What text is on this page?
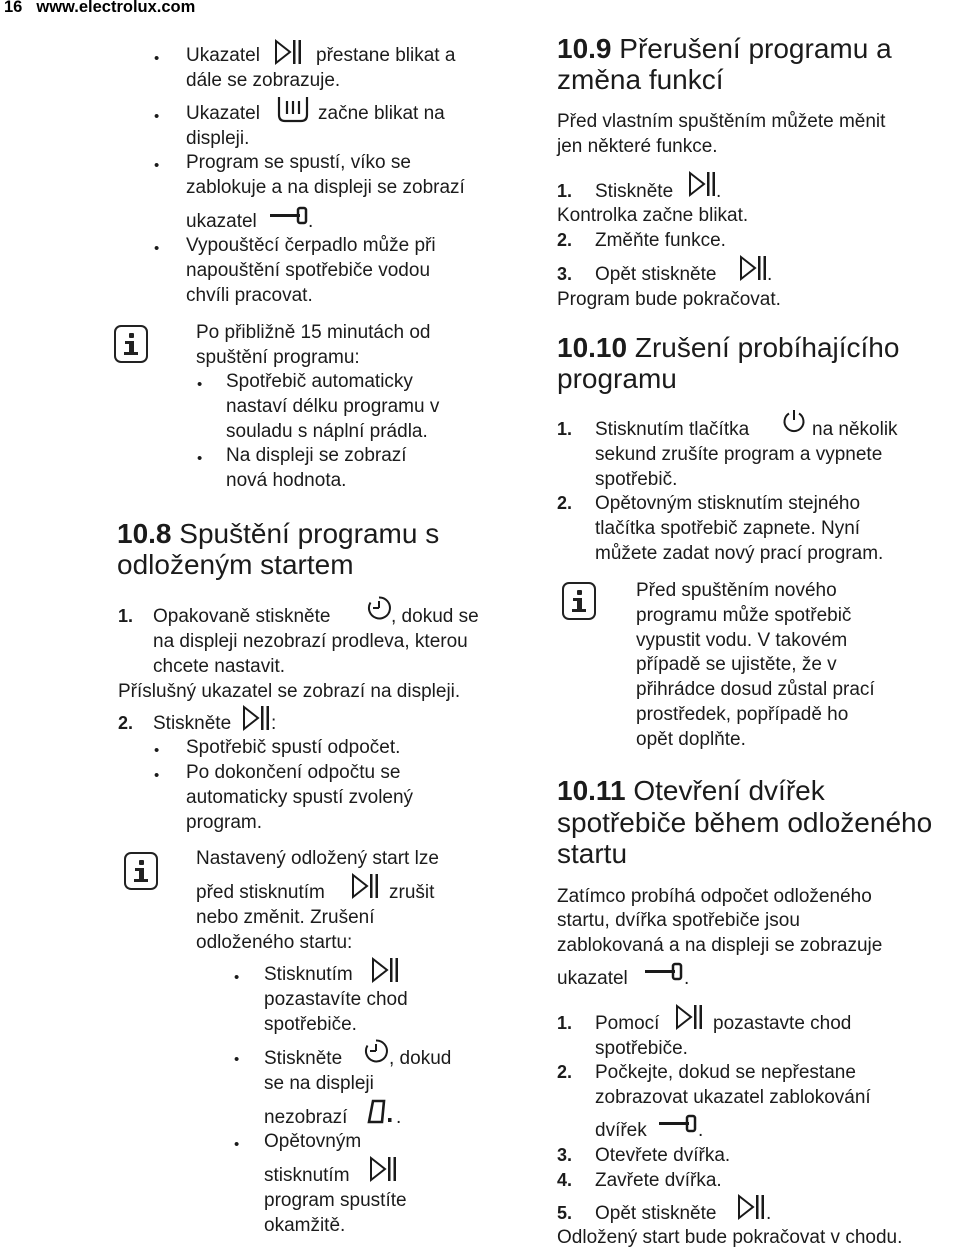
16 www.electrolux.com
• Ukazatel	přestane blikat a
dále se zobrazuje.
• Ukazatel	začne blikat na
displeji.
• Program se spustí, víko se
zablokuje a na displeji se zobrazí
ukazatel	.
• Vypouštěcí čerpadlo může při
napouštění spotřebiče vodou
chvíli pracovat.
Po přibližně 15 minutách od
spuštění programu:
• Spotřebič automaticky
nastaví délku programu v
souladu s náplní prádla.
• Na displeji se zobrazí
nová hodnota.
10.8 Spuštění programu s
odloženým startem
1. Opakovaně stiskněte	, dokud se
na displeji nezobrazí prodleva, kterou
chcete nastavit.
Příslušný ukazatel se zobrazí na displeji.
2. Stiskněte :
• Spotřebič spustí odpočet.
• Po dokončení odpočtu se
automaticky spustí zvolený
program.
Nastavený odložený start lze
před stisknutím	zrušit
nebo změnit. Zrušení
odloženého startu:
• Stisknutím
pozastavíte chod
spotřebiče.
• Stiskněte , dokud
se na displeji
nezobrazí	.
• Opětovným
stisknutím
program spustíte
okamžitě.
10.9 Přerušení programu a
změna funkcí
Před vlastním spuštěním můžete měnit
jen některé funkce.
1. Stiskněte .
Kontrolka začne blikat.
2. Změňte funkce.
3. Opět stiskněte	.
Program bude pokračovat.
10.10 Zrušení probíhajícího
programu
1. Stisknutím tlačítka	na několik
sekund zrušíte program a vypnete
spotřebič.
2. Opětovným stisknutím stejného
tlačítka spotřebič zapnete. Nyní
můžete zadat nový prací program.
Před spuštěním nového
programu může spotřebič
vypustit vodu. V takovém
případě se ujistěte, že v
přihrádce dosud zůstal prací
prostředek, popřípadě ho
opět doplňte.
10.11 Otevření dvířek
spotřebiče během odloženého
startu
Zatímco probíhá odpočet odloženého
startu, dvířka spotřebiče jsou
zablokovaná a na displeji se zobrazuje
ukazatel	.
1. Pomocí	pozastavte chod
spotřebiče.
2. Počkejte, dokud se nepřestane
zobrazovat ukazatel zablokování
dvířek	.
3. Otevřete dvířka.
4. Zavřete dvířka.
5. Opět stiskněte	.
Odložený start bude pokračovat v chodu.
